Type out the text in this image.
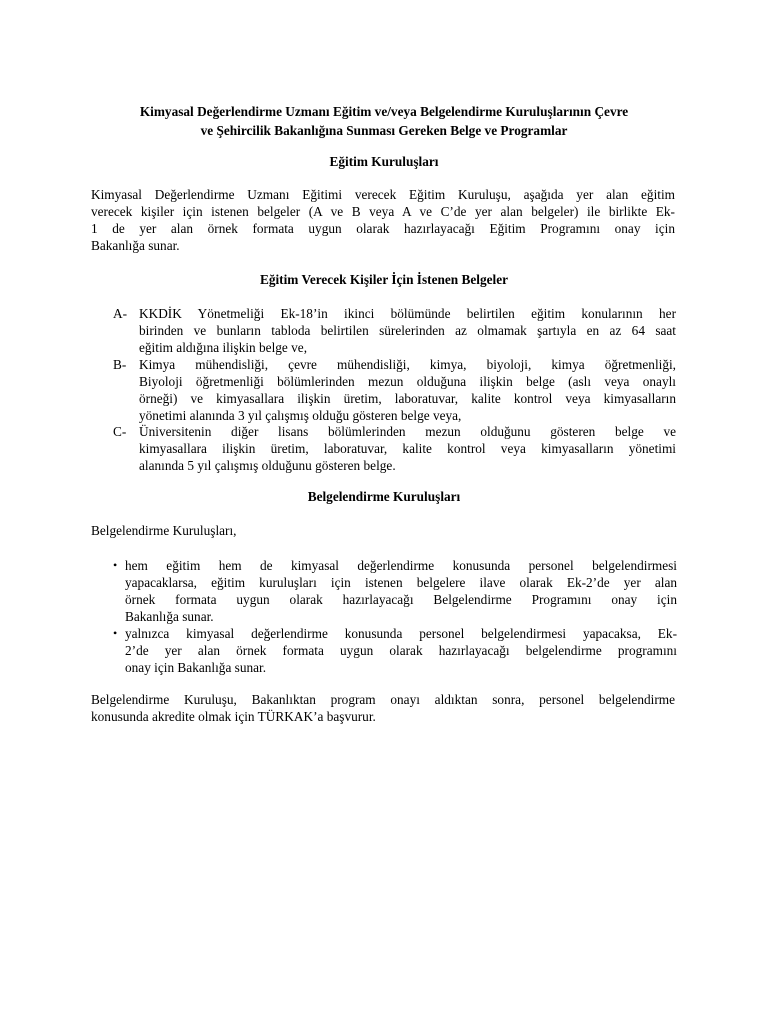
Kimyasal Değerlendirme Uzmanı Eğitim ve/veya Belgelendirme Kuruluşlarının Çevre
ve Şehircilik Bakanlığına Sunması Gereken Belge ve Programlar
Eğitim Kuruluşları
Kimyasal Değerlendirme Uzmanı Eğitimi verecek Eğitim Kuruluşu, aşağıda yer alan eğitim
verecek kişiler için istenen belgeler (A ve B veya A ve C’de yer alan belgeler) ile birlikte Ek-
1 de yer alan örnek formata uygun olarak hazırlayacağı Eğitim Programını onay için
Bakanlığa sunar.
Eğitim Verecek Kişiler İçin İstenen Belgeler
A- KKDİK Yönetmeliği Ek-18’in ikinci bölümünde belirtilen eğitim konularının her
birinden ve bunların tabloda belirtilen sürelerinden az olmamak şartıyla en az 64 saat
eğitim aldığına ilişkin belge ve,
B- Kimya mühendisliği, çevre mühendisliği, kimya, biyoloji, kimya öğretmenliği,
Biyoloji öğretmenliği bölümlerinden mezun olduğuna ilişkin belge (aslı veya onaylı
örneği) ve kimyasallara ilişkin üretim, laboratuvar, kalite kontrol veya kimyasalların
yönetimi alanında 3 yıl çalışmış olduğu gösteren belge veya,
C- Üniversitenin diğer lisans bölümlerinden mezun olduğunu gösteren belge ve
kimyasallara ilişkin üretim, laboratuvar, kalite kontrol veya kimyasalların yönetimi
alanında 5 yıl çalışmış olduğunu gösteren belge.
Belgelendirme Kuruluşları
Belgelendirme Kuruluşları,
• hem eğitim hem de kimyasal değerlendirme konusunda personel belgelendirmesi
yapacaklarsa, eğitim kuruluşları için istenen belgelere ilave olarak Ek-2’de yer alan
örnek formata uygun olarak hazırlayacağı Belgelendirme Programını onay için
Bakanlığa sunar.
• yalnızca kimyasal değerlendirme konusunda personel belgelendirmesi yapacaksa, Ek-
2’de yer alan örnek formata uygun olarak hazırlayacağı belgelendirme programını
onay için Bakanlığa sunar.
Belgelendirme Kuruluşu, Bakanlıktan program onayı aldıktan sonra, personel belgelendirme
konusunda akredite olmak için TÜRKAK’a başvurur.
